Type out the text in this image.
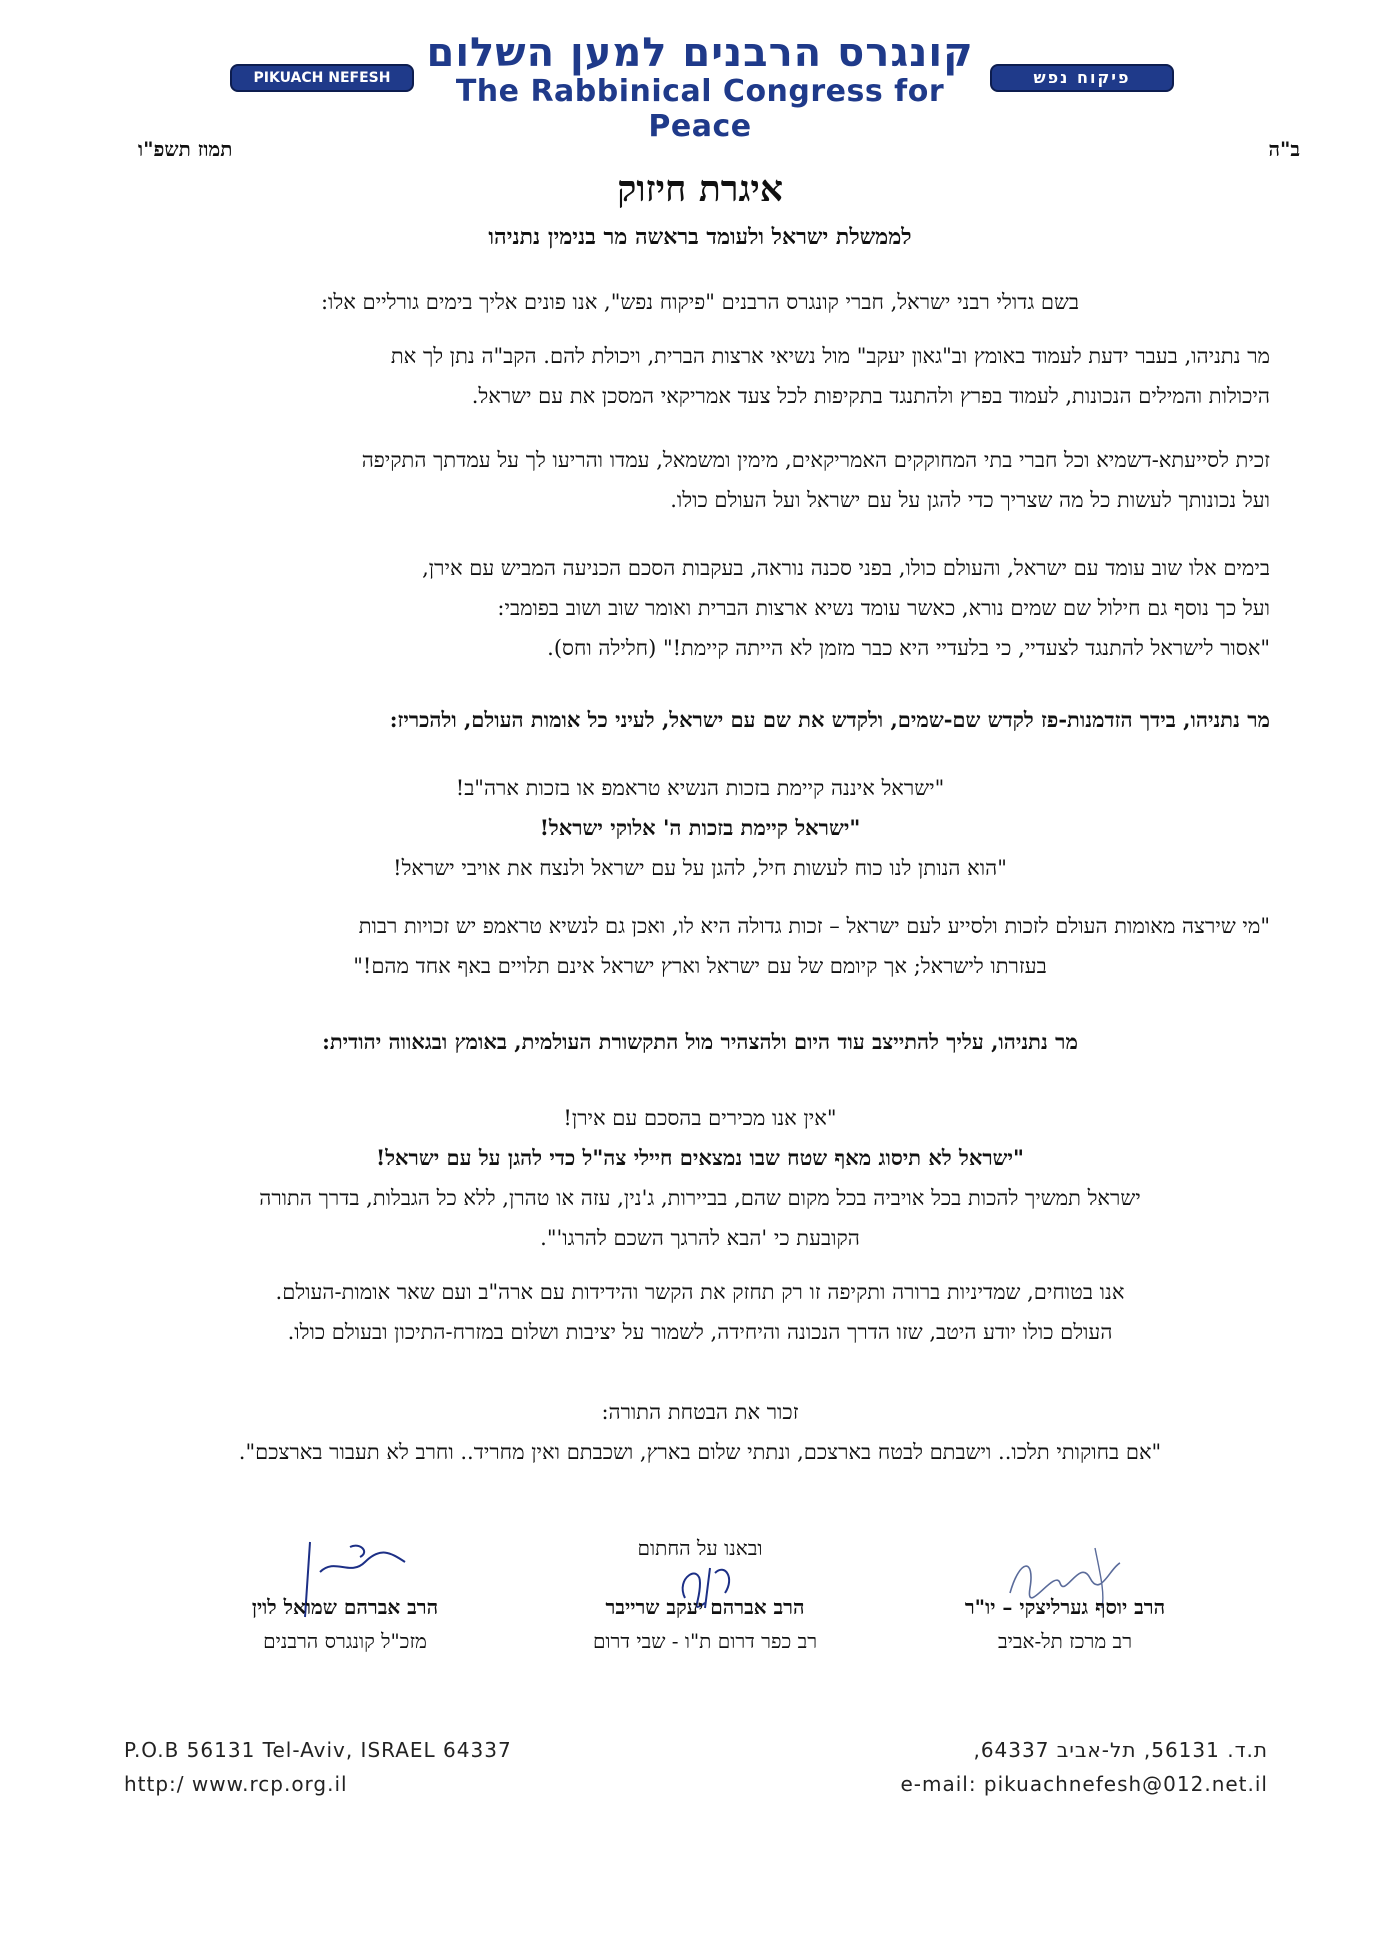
קונגרס הרבנים למען השלום
The Rabbinical Congress for Peace
PIKUACH NEFESH	פיקוח נפש
ב"ה
תמוז תשפ"ו
איגרת חיזוק
לממשלת ישראל ולעומד בראשה מר בנימין נתניהו

בשם גדולי רבני ישראל, חברי קונגרס הרבנים "פיקוח נפש", אנו פונים אליך בימים גורליים אלו:

מר נתניהו, בעבר ידעת לעמוד באומץ וב"גאון יעקב" מול נשיאי ארצות הברית, ויכולת להם. הקב"ה נתן לך את

היכולות והמילים הנכונות, לעמוד בפרץ ולהתנגד בתקיפות לכל צעד אמריקאי המסכן את עם ישראל.

זכית לסייעתא-דשמיא וכל חברי בתי המחוקקים האמריקאים, מימין ומשמאל, עמדו והריעו לך על עמדתך התקיפה

ועל נכונותך לעשות כל מה שצריך כדי להגן על עם ישראל ועל העולם כולו.

בימים אלו שוב עומד עם ישראל, והעולם כולו, בפני סכנה נוראה, בעקבות הסכם הכניעה המביש עם אירן,

ועל כך נוסף גם חילול שם שמים נורא, כאשר עומד נשיא ארצות הברית ואומר שוב ושוב בפומבי:

"אסור לישראל להתנגד לצעדיי, כי בלעדיי היא כבר מזמן לא הייתה קיימת!" (חלילה וחס).

מר נתניהו, בידך הזדמנות-פז לקדש שם-שמים, ולקדש את שם עם ישראל, לעיני כל אומות העולם, ולהכריז:

"ישראל איננה קיימת בזכות הנשיא טראמפ או בזכות ארה"ב!

"ישראל קיימת בזכות ה' אלוקי ישראל!

"הוא הנותן לנו כוח לעשות חיל, להגן על עם ישראל ולנצח את אויבי ישראל!

"מי שירצה מאומות העולם לזכות ולסייע לעם ישראל – זכות גדולה היא לו, ואכן גם לנשיא טראמפ יש זכויות רבות

בעזרתו לישראל; אך קיומם של עם ישראל וארץ ישראל אינם תלויים באף אחד מהם!"

מר נתניהו, עליך להתייצב עוד היום ולהצהיר מול התקשורת העולמית, באומץ ובגאווה יהודית:

"אין אנו מכירים בהסכם עם אירן!

"ישראל לא תיסוג מאף שטח שבו נמצאים חיילי צה"ל כדי להגן על עם ישראל!

ישראל תמשיך להכות בכל אויביה בכל מקום שהם, בביירות, ג'נין, עזה או טהרן, ללא כל הגבלות, בדרך התורה

הקובעת כי 'הבא להרגך השכם להרגו'".

אנו בטוחים, שמדיניות ברורה ותקיפה זו רק תחזק את הקשר והידידות עם ארה"ב ועם שאר אומות-העולם.

העולם כולו יודע היטב, שזו הדרך הנכונה והיחידה, לשמור על יציבות ושלום במזרח-התיכון ובעולם כולו.

זכור את הבטחת התורה:

"אם בחוקותי תלכו.. וישבתם לבטח בארצכם, ונתתי שלום בארץ, ושכבתם ואין מחריד.. וחרב לא תעבור בארצכם".

ובאנו על החתום
הרב יוסף גערליצקי – יו"ר
רב מרכז תל-אביב
הרב אברהם יעקב שרייבר
רב כפר דרום ת"ו - שבי דרום
הרב אברהם שמואל לוין
מזכ"ל קונגרס הרבנים
P.O.B 56131 Tel-Aviv, ISRAEL 64337
http:/ www.rcp.org.il
ת.ד. 56131, תל-אביב 64337,
e-mail: pikuachnefesh@012.net.il
